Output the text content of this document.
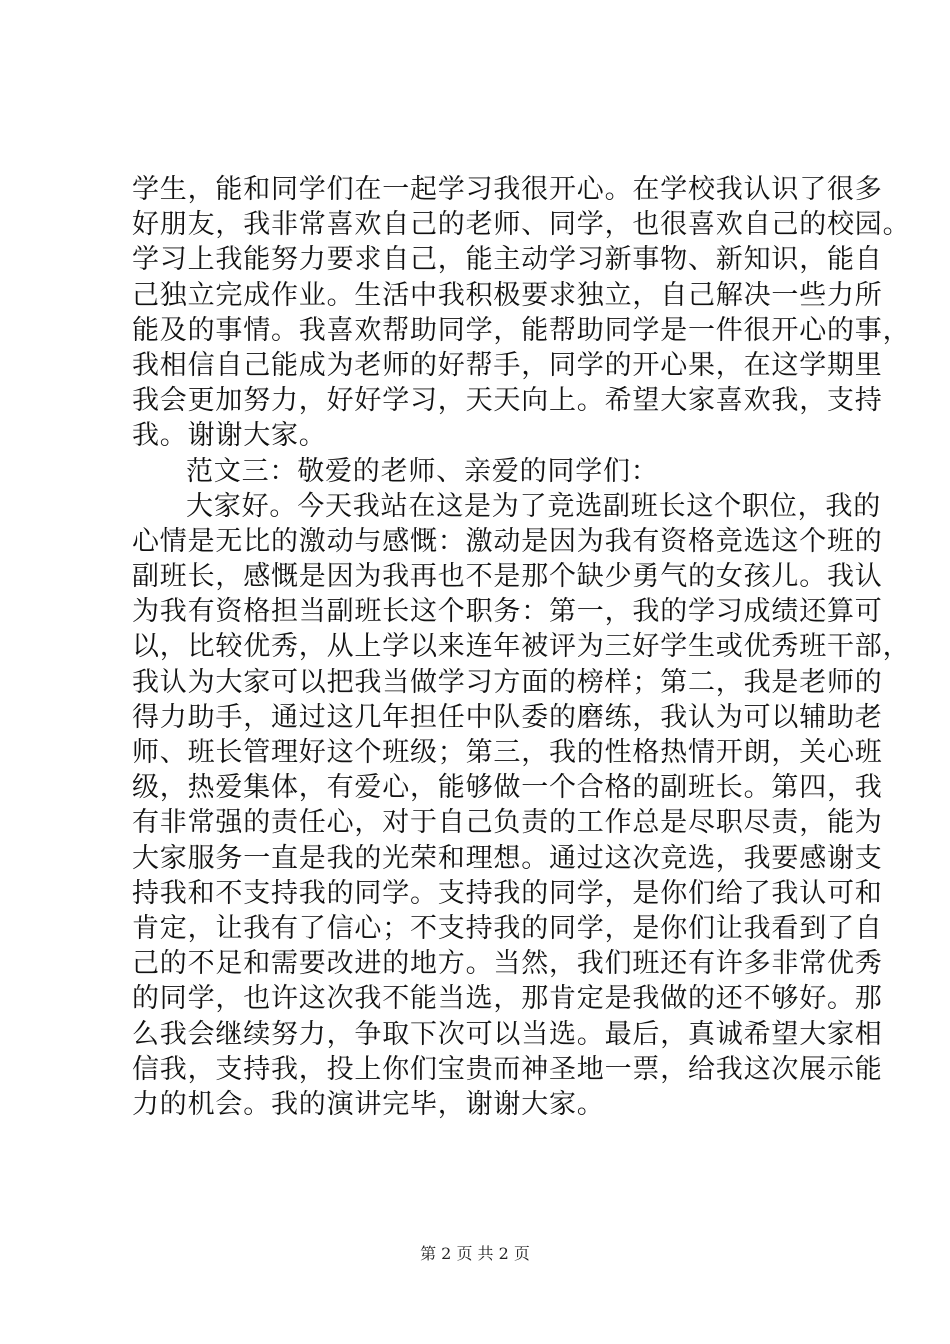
学生，能和同学们在一起学习我很开心。在学校我认识了很多
好朋友，我非常喜欢自己的老师、同学，也很喜欢自己的校园。
学习上我能努力要求自己，能主动学习新事物、新知识，能自
己独立完成作业。生活中我积极要求独立，自己解决一些力所
能及的事情。我喜欢帮助同学，能帮助同学是一件很开心的事，
我相信自己能成为老师的好帮手，同学的开心果，在这学期里
我会更加努力，好好学习，天天向上。希望大家喜欢我，支持
我。谢谢大家。
范文三：敬爱的老师、亲爱的同学们：
大家好。今天我站在这是为了竞选副班长这个职位，我的
心情是无比的激动与感慨：激动是因为我有资格竞选这个班的
副班长，感慨是因为我再也不是那个缺少勇气的女孩儿。我认
为我有资格担当副班长这个职务：第一，我的学习成绩还算可
以，比较优秀，从上学以来连年被评为三好学生或优秀班干部，
我认为大家可以把我当做学习方面的榜样；第二，我是老师的
得力助手，通过这几年担任中队委的磨练，我认为可以辅助老
师、班长管理好这个班级；第三，我的性格热情开朗，关心班
级，热爱集体，有爱心，能够做一个合格的副班长。第四，我
有非常强的责任心，对于自己负责的工作总是尽职尽责，能为
大家服务一直是我的光荣和理想。通过这次竞选，我要感谢支
持我和不支持我的同学。支持我的同学，是你们给了我认可和
肯定，让我有了信心；不支持我的同学，是你们让我看到了自
己的不足和需要改进的地方。当然，我们班还有许多非常优秀
的同学，也许这次我不能当选，那肯定是我做的还不够好。那
么我会继续努力，争取下次可以当选。最后，真诚希望大家相
信我，支持我，投上你们宝贵而神圣地一票，给我这次展示能
力的机会。我的演讲完毕，谢谢大家。
第 2 页 共 2 页
